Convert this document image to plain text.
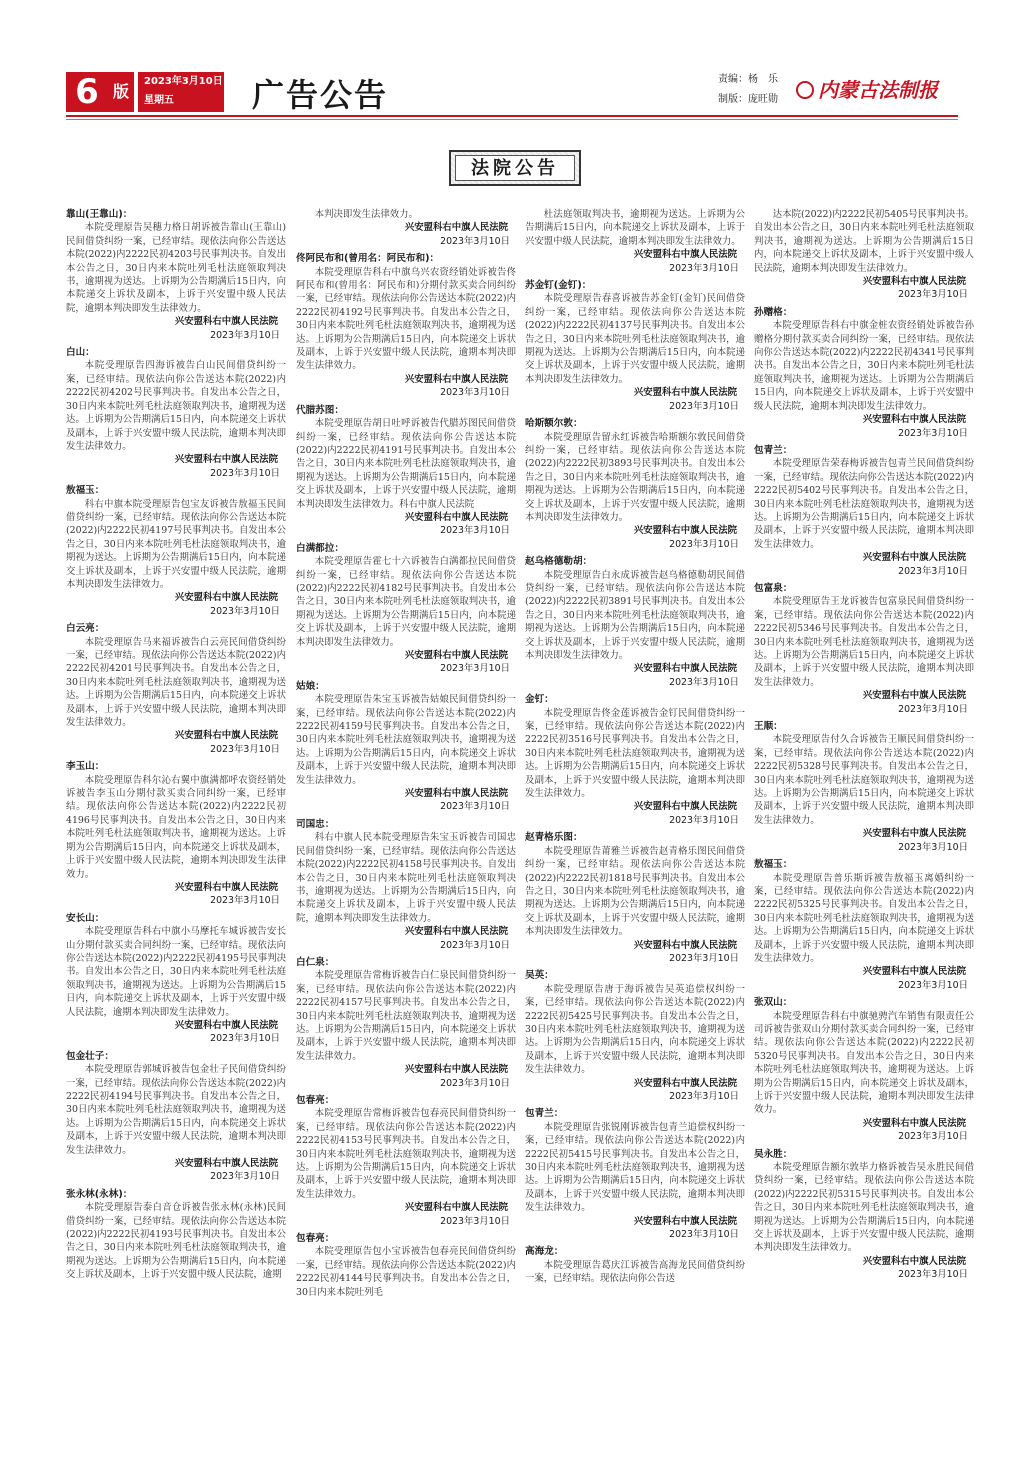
6 版
2023年3月10日
星期五	广告公告	责编：杨　乐
制版：庞旺勋	内蒙古法制报
法院公告

靠山(王靠山)：

本院受理原告吴穗力格日胡诉被告靠山(王靠山)民间借贷纠纷一案，已经审结。现依法向你公告送达本院(2022)内2222民初4203号民事判决书。自发出本公告之日，30日内来本院吐列毛杜法庭领取判决书，逾期视为送达。上诉期为公告期满后15日内，向本院递交上诉状及副本，上诉于兴安盟中级人民法院，逾期本判决即发生法律效力。

兴安盟科右中旗人民法院

2023年3月10日

白山：

本院受理原告四海诉被告白山民间借贷纠纷一案，已经审结。现依法向你公告送达本院(2022)内2222民初4202号民事判决书。自发出本公告之日，30日内来本院吐列毛杜法庭领取判决书，逾期视为送达。上诉期为公告期满后15日内，向本院递交上诉状及副本，上诉于兴安盟中级人民法院，逾期本判决即发生法律效力。

兴安盟科右中旗人民法院

2023年3月10日

敖福玉：

科右中旗本院受理原告包宝友诉被告敖福玉民间借贷纠纷一案，已经审结。现依法向你公告送达本院(2022)内2222民初4197号民事判决书。自发出本公告之日，30日内来本院吐列毛杜法庭领取判决书，逾期视为送达。上诉期为公告期满后15日内，向本院递交上诉状及副本，上诉于兴安盟中级人民法院，逾期本判决即发生法律效力。

兴安盟科右中旗人民法院

2023年3月10日

白云亮：

本院受理原告马来福诉被告白云亮民间借贷纠纷一案，已经审结。现依法向你公告送达本院(2022)内2222民初4201号民事判决书。自发出本公告之日，30日内来本院吐列毛杜法庭领取判决书，逾期视为送达。上诉期为公告期满后15日内，向本院递交上诉状及副本，上诉于兴安盟中级人民法院，逾期本判决即发生法律效力。

兴安盟科右中旗人民法院

2023年3月10日

李玉山：

本院受理原告科尔沁右翼中旗满都呼农资经销处诉被告李玉山分期付款买卖合同纠纷一案，已经审结。现依法向你公告送达本院(2022)内2222民初4196号民事判决书。自发出本公告之日，30日内来本院吐列毛杜法庭领取判决书，逾期视为送达。上诉期为公告期满后15日内，向本院递交上诉状及副本，上诉于兴安盟中级人民法院，逾期本判决即发生法律效力。

兴安盟科右中旗人民法院

2023年3月10日

安长山：

本院受理原告科右中旗小马摩托车城诉被告安长山分期付款买卖合同纠纷一案，已经审结。现依法向你公告送达本院(2022)内2222民初4195号民事判决书。自发出本公告之日，30日内来本院吐列毛杜法庭领取判决书，逾期视为送达。上诉期为公告期满后15日内，向本院递交上诉状及副本，上诉于兴安盟中级人民法院，逾期本判决即发生法律效力。

兴安盟科右中旗人民法院

2023年3月10日

包金壮子：

本院受理原告郭城诉被告包金壮子民间借贷纠纷一案，已经审结。现依法向你公告送达本院(2022)内2222民初4194号民事判决书。自发出本公告之日，30日内来本院吐列毛杜法庭领取判决书，逾期视为送达。上诉期为公告期满后15日内，向本院递交上诉状及副本，上诉于兴安盟中级人民法院，逾期本判决即发生法律效力。

兴安盟科右中旗人民法院

2023年3月10日

张永林(永林)：

本院受理原告泰白音仓诉被告张永林(永林)民间借贷纠纷一案，已经审结。现依法向你公告送达本院(2022)内2222民初4193号民事判决书。自发出本公告之日，30日内来本院吐列毛杜法庭领取判决书，逾期视为送达。上诉期为公告期满后15日内，向本院递交上诉状及副本，上诉于兴安盟中级人民法院，逾期

本判决即发生法律效力。

兴安盟科右中旗人民法院

2023年3月10日

佟阿民布和(曾用名：阿民布和)：

本院受理原告科右中旗乌兴农资经销处诉被告佟阿民布和(曾用名：阿民布和)分期付款买卖合同纠纷一案，已经审结。现依法向你公告送达本院(2022)内2222民初4192号民事判决书。自发出本公告之日，30日内来本院吐列毛杜法庭领取判决书，逾期视为送达。上诉期为公告期满后15日内，向本院递交上诉状及副本，上诉于兴安盟中级人民法院，逾期本判决即发生法律效力。

兴安盟科右中旗人民法院

2023年3月10日

代腊苏图：

本院受理原告胡日吐呼诉被告代腊苏图民间借贷纠纷一案，已经审结。现依法向你公告送达本院(2022)内2222民初4191号民事判决书。自发出本公告之日，30日内来本院吐列毛杜法庭领取判决书，逾期视为送达。上诉期为公告期满后15日内，向本院递交上诉状及副本，上诉于兴安盟中级人民法院，逾期本判决即发生法律效力。科右中旗人民法院

兴安盟科右中旗人民法院

2023年3月10日

白满都拉：

本院受理原告霍七十六诉被告白满都拉民间借贷纠纷一案，已经审结。现依法向你公告送达本院(2022)内2222民初4182号民事判决书。自发出本公告之日，30日内来本院吐列毛杜法庭领取判决书，逾期视为送达。上诉期为公告期满后15日内，向本院递交上诉状及副本，上诉于兴安盟中级人民法院，逾期本判决即发生法律效力。

兴安盟科右中旗人民法院

2023年3月10日

姑娘：

本院受理原告朱宝玉诉被告姑娘民间借贷纠纷一案，已经审结。现依法向你公告送达本院(2022)内2222民初4159号民事判决书。自发出本公告之日，30日内来本院吐列毛杜法庭领取判决书，逾期视为送达。上诉期为公告期满后15日内，向本院递交上诉状及副本，上诉于兴安盟中级人民法院，逾期本判决即发生法律效力。

兴安盟科右中旗人民法院

2023年3月10日

司国忠：

科右中旗人民本院受理原告朱宝玉诉被告司国忠民间借贷纠纷一案，已经审结。现依法向你公告送达本院(2022)内2222民初4158号民事判决书。自发出本公告之日，30日内来本院吐列毛杜法庭领取判决书，逾期视为送达。上诉期为公告期满后15日内，向本院递交上诉状及副本，上诉于兴安盟中级人民法院，逾期本判决即发生法律效力。

兴安盟科右中旗人民法院

2023年3月10日

白仁泉：

本院受理原告常梅诉被告白仁泉民间借贷纠纷一案，已经审结。现依法向你公告送达本院(2022)内2222民初4157号民事判决书。自发出本公告之日，30日内来本院吐列毛杜法庭领取判决书，逾期视为送达。上诉期为公告期满后15日内，向本院递交上诉状及副本，上诉于兴安盟中级人民法院，逾期本判决即发生法律效力。

兴安盟科右中旗人民法院

2023年3月10日

包春亮：

本院受理原告常梅诉被告包春亮民间借贷纠纷一案，已经审结。现依法向你公告送达本院(2022)内2222民初4153号民事判决书。自发出本公告之日，30日内来本院吐列毛杜法庭领取判决书，逾期视为送达。上诉期为公告期满后15日内，向本院递交上诉状及副本，上诉于兴安盟中级人民法院，逾期本判决即发生法律效力。

兴安盟科右中旗人民法院

2023年3月10日

包春亮：

本院受理原告包小宝诉被告包春亮民间借贷纠纷一案，已经审结。现依法向你公告送达本院(2022)内2222民初4144号民事判决书。自发出本公告之日，30日内来本院吐列毛

杜法庭领取判决书，逾期视为送达。上诉期为公告期满后15日内，向本院递交上诉状及副本，上诉于兴安盟中级人民法院，逾期本判决即发生法律效力。

兴安盟科右中旗人民法院

2023年3月10日

苏金钉(金钉)：

本院受理原告春喜诉被告苏金钉(金钉)民间借贷纠纷一案，已经审结。现依法向你公告送达本院(2022)内2222民初4137号民事判决书。自发出本公告之日，30日内来本院吐列毛杜法庭领取判决书，逾期视为送达。上诉期为公告期满后15日内，向本院递交上诉状及副本，上诉于兴安盟中级人民法院，逾期本判决即发生法律效力。

兴安盟科右中旗人民法院

2023年3月10日

哈斯额尔敦：

本院受理原告留永红诉被告哈斯额尔敦民间借贷纠纷一案，已经审结。现依法向你公告送达本院(2022)内2222民初3893号民事判决书。自发出本公告之日，30日内来本院吐列毛杜法庭领取判决书，逾期视为送达。上诉期为公告期满后15日内，向本院递交上诉状及副本，上诉于兴安盟中级人民法院，逾期本判决即发生法律效力。

兴安盟科右中旗人民法院

2023年3月10日

赵乌格德勒胡：

本院受理原告白永成诉被告赵乌格德勒胡民间借贷纠纷一案，已经审结。现依法向你公告送达本院(2022)内2222民初3891号民事判决书。自发出本公告之日，30日内来本院吐列毛杜法庭领取判决书，逾期视为送达。上诉期为公告期满后15日内，向本院递交上诉状及副本，上诉于兴安盟中级人民法院，逾期本判决即发生法律效力。

兴安盟科右中旗人民法院

2023年3月10日

金钉：

本院受理原告佟金莲诉被告金钉民间借贷纠纷一案，已经审结。现依法向你公告送达本院(2022)内2222民初3516号民事判决书。自发出本公告之日，30日内来本院吐列毛杜法庭领取判决书，逾期视为送达。上诉期为公告期满后15日内，向本院递交上诉状及副本，上诉于兴安盟中级人民法院，逾期本判决即发生法律效力。

兴安盟科右中旗人民法院

2023年3月10日

赵青格乐图：

本院受理原告莆雅兰诉被告赵青格乐图民间借贷纠纷一案，已经审结。现依法向你公告送达本院(2022)内2222民初1818号民事判决书。自发出本公告之日，30日内来本院吐列毛杜法庭领取判决书，逾期视为送达。上诉期为公告期满后15日内，向本院递交上诉状及副本，上诉于兴安盟中级人民法院，逾期本判决即发生法律效力。

兴安盟科右中旗人民法院

2023年3月10日

吴英：

本院受理原告唐于海诉被告吴英追偿权纠纷一案，已经审结。现依法向你公告送达本院(2022)内2222民初5425号民事判决书。自发出本公告之日，30日内来本院吐列毛杜法庭领取判决书，逾期视为送达。上诉期为公告期满后15日内，向本院递交上诉状及副本，上诉于兴安盟中级人民法院，逾期本判决即发生法律效力。

兴安盟科右中旗人民法院

2023年3月10日

包青兰：

本院受理原告张锐刚诉被告包青兰追偿权纠纷一案，已经审结。现依法向你公告送达本院(2022)内2222民初5415号民事判决书。自发出本公告之日，30日内来本院吐列毛杜法庭领取判决书，逾期视为送达。上诉期为公告期满后15日内，向本院递交上诉状及副本，上诉于兴安盟中级人民法院，逾期本判决即发生法律效力。

兴安盟科右中旗人民法院

2023年3月10日

高海龙：

本院受理原告葛庆江诉被告高海龙民间借贷纠纷一案，已经审结。现依法向你公告送

达本院(2022)内2222民初5405号民事判决书。自发出本公告之日，30日内来本院吐列毛杜法庭领取判决书，逾期视为送达。上诉期为公告期满后15日内，向本院递交上诉状及副本，上诉于兴安盟中级人民法院，逾期本判决即发生法律效力。

兴安盟科右中旗人民法院

2023年3月10日

孙赠格：

本院受理原告科右中旗金桩农资经销处诉被告孙赠格分期付款买卖合同纠纷一案，已经审结。现依法向你公告送达本院(2022)内2222民初4341号民事判决书。自发出本公告之日，30日内来本院吐列毛杜法庭领取判决书，逾期视为送达。上诉期为公告期满后15日内，向本院递交上诉状及副本，上诉于兴安盟中级人民法院，逾期本判决即发生法律效力。

兴安盟科右中旗人民法院

2023年3月10日

包青兰：

本院受理原告荣春梅诉被告包青兰民间借贷纠纷一案，已经审结。现依法向你公告送达本院(2022)内2222民初5402号民事判决书。自发出本公告之日，30日内来本院吐列毛杜法庭领取判决书，逾期视为送达。上诉期为公告期满后15日内，向本院递交上诉状及副本，上诉于兴安盟中级人民法院，逾期本判决即发生法律效力。

兴安盟科右中旗人民法院

2023年3月10日

包富泉：

本院受理原告王龙诉被告包富泉民间借贷纠纷一案，已经审结。现依法向你公告送达本院(2022)内2222民初5346号民事判决书。自发出本公告之日，30日内来本院吐列毛杜法庭领取判决书，逾期视为送达。上诉期为公告期满后15日内，向本院递交上诉状及副本，上诉于兴安盟中级人民法院，逾期本判决即发生法律效力。

兴安盟科右中旗人民法院

2023年3月10日

王顺：

本院受理原告付久合诉被告王顺民间借贷纠纷一案，已经审结。现依法向你公告送达本院(2022)内2222民初5328号民事判决书。自发出本公告之日，30日内来本院吐列毛杜法庭领取判决书，逾期视为送达。上诉期为公告期满后15日内，向本院递交上诉状及副本，上诉于兴安盟中级人民法院，逾期本判决即发生法律效力。

兴安盟科右中旗人民法院

2023年3月10日

敖福玉：

本院受理原告普乐斯诉被告敖福玉离婚纠纷一案，已经审结。现依法向你公告送达本院(2022)内2222民初5325号民事判决书。自发出本公告之日，30日内来本院吐列毛杜法庭领取判决书，逾期视为送达。上诉期为公告期满后15日内，向本院递交上诉状及副本，上诉于兴安盟中级人民法院，逾期本判决即发生法律效力。

兴安盟科右中旗人民法院

2023年3月10日

张双山：

本院受理原告科右中旗驰骋汽车销售有限责任公司诉被告张双山分期付款买卖合同纠纷一案，已经审结。现依法向你公告送达本院(2022)内2222民初5320号民事判决书。自发出本公告之日，30日内来本院吐列毛杜法庭领取判决书，逾期视为送达。上诉期为公告期满后15日内，向本院递交上诉状及副本，上诉于兴安盟中级人民法院，逾期本判决即发生法律效力。

兴安盟科右中旗人民法院

2023年3月10日

吴永胜：

本院受理原告额尔敦毕力格诉被告吴永胜民间借贷纠纷一案，已经审结。现依法向你公告送达本院(2022)内2222民初5315号民事判决书。自发出本公告之日，30日内来本院吐列毛杜法庭领取判决书，逾期视为送达。上诉期为公告期满后15日内，向本院递交上诉状及副本，上诉于兴安盟中级人民法院，逾期本判决即发生法律效力。

兴安盟科右中旗人民法院

2023年3月10日
